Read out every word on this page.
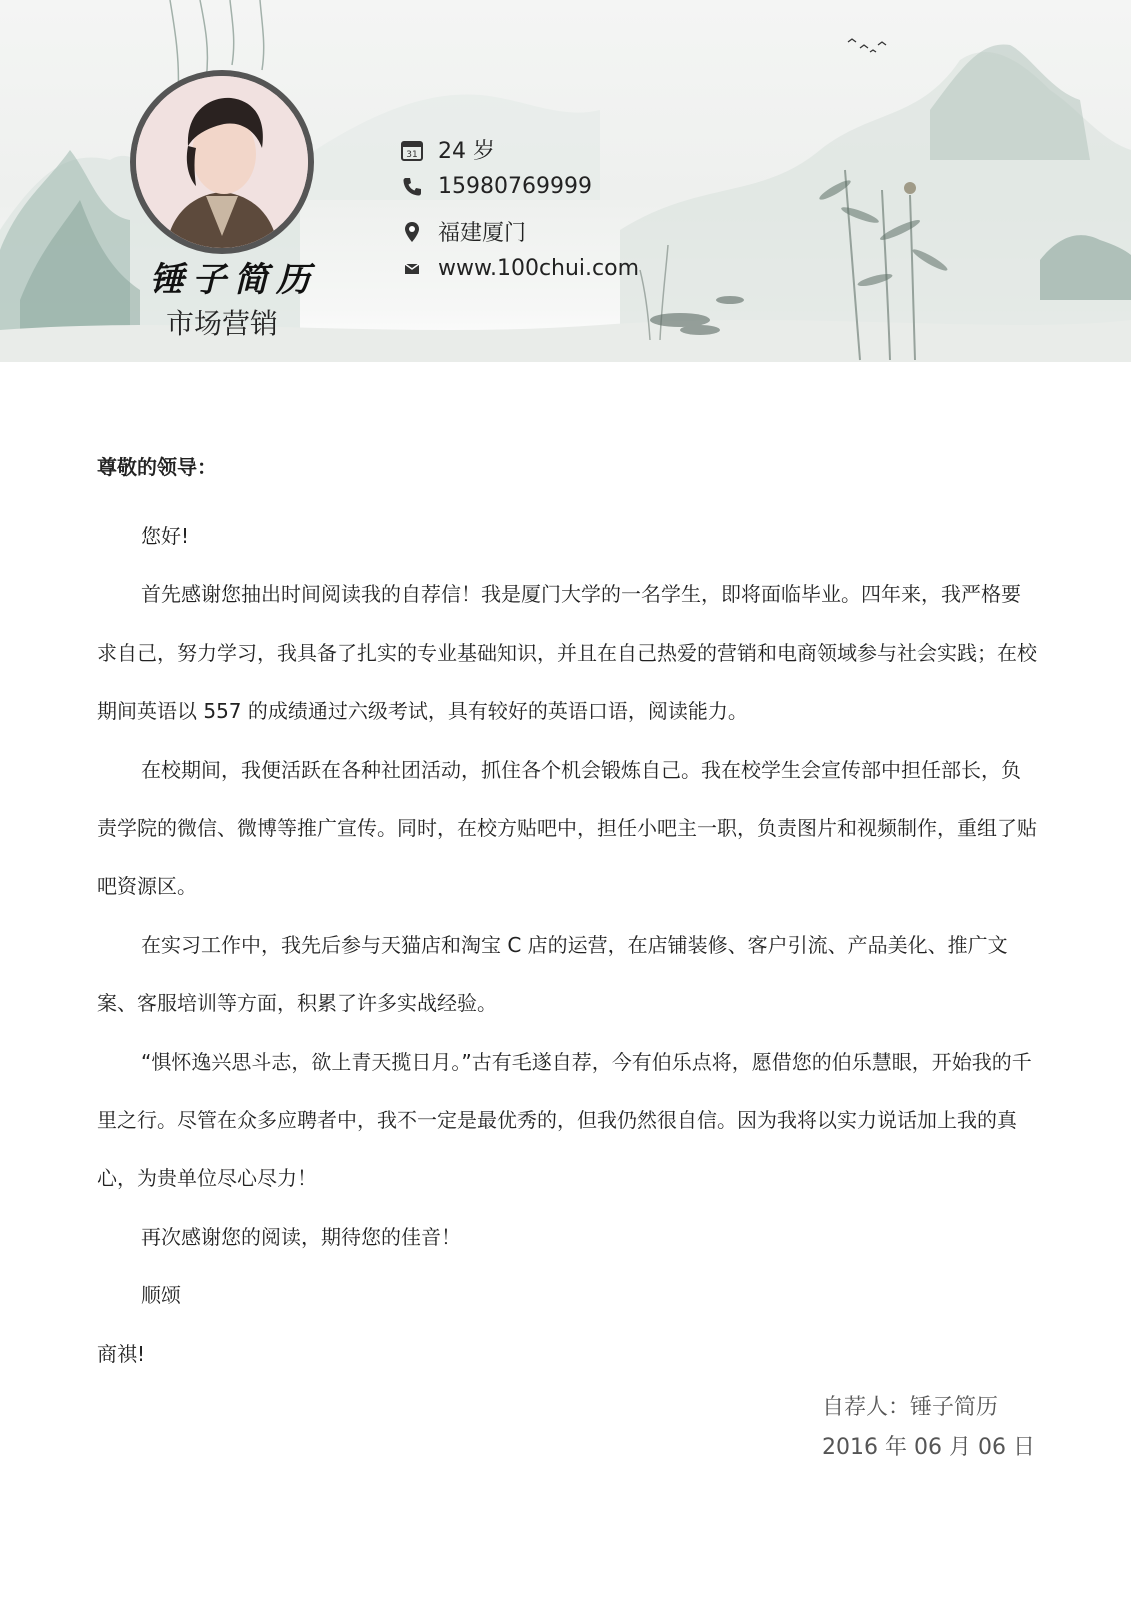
锤子简历
市场营销
31 24 岁
15980769999
福建厦门
www.100chui.com

尊敬的领导：

您好!

首先感谢您抽出时间阅读我的自荐信！我是厦门大学的一名学生，即将面临毕业。四年来，我严格要求自己，努力学习，我具备了扎实的专业基础知识，并且在自己热爱的营销和电商领域参与社会实践；在校期间英语以 557 的成绩通过六级考试，具有较好的英语口语，阅读能力。

在校期间，我便活跃在各种社团活动，抓住各个机会锻炼自己。我在校学生会宣传部中担任部长，负责学院的微信、微博等推广宣传。同时，在校方贴吧中，担任小吧主一职，负责图片和视频制作，重组了贴吧资源区。

在实习工作中，我先后参与天猫店和淘宝 C 店的运营，在店铺装修、客户引流、产品美化、推广文案、客服培训等方面，积累了许多实战经验。

“惧怀逸兴思斗志，欲上青天揽日月。”古有毛遂自荐，今有伯乐点将，愿借您的伯乐慧眼，开始我的千里之行。尽管在众多应聘者中，我不一定是最优秀的，但我仍然很自信。因为我将以实力说话加上我的真心，为贵单位尽心尽力！

再次感谢您的阅读，期待您的佳音！

顺颂

商祺!

自荐人：锤子简历
2016 年 06 月 06 日
